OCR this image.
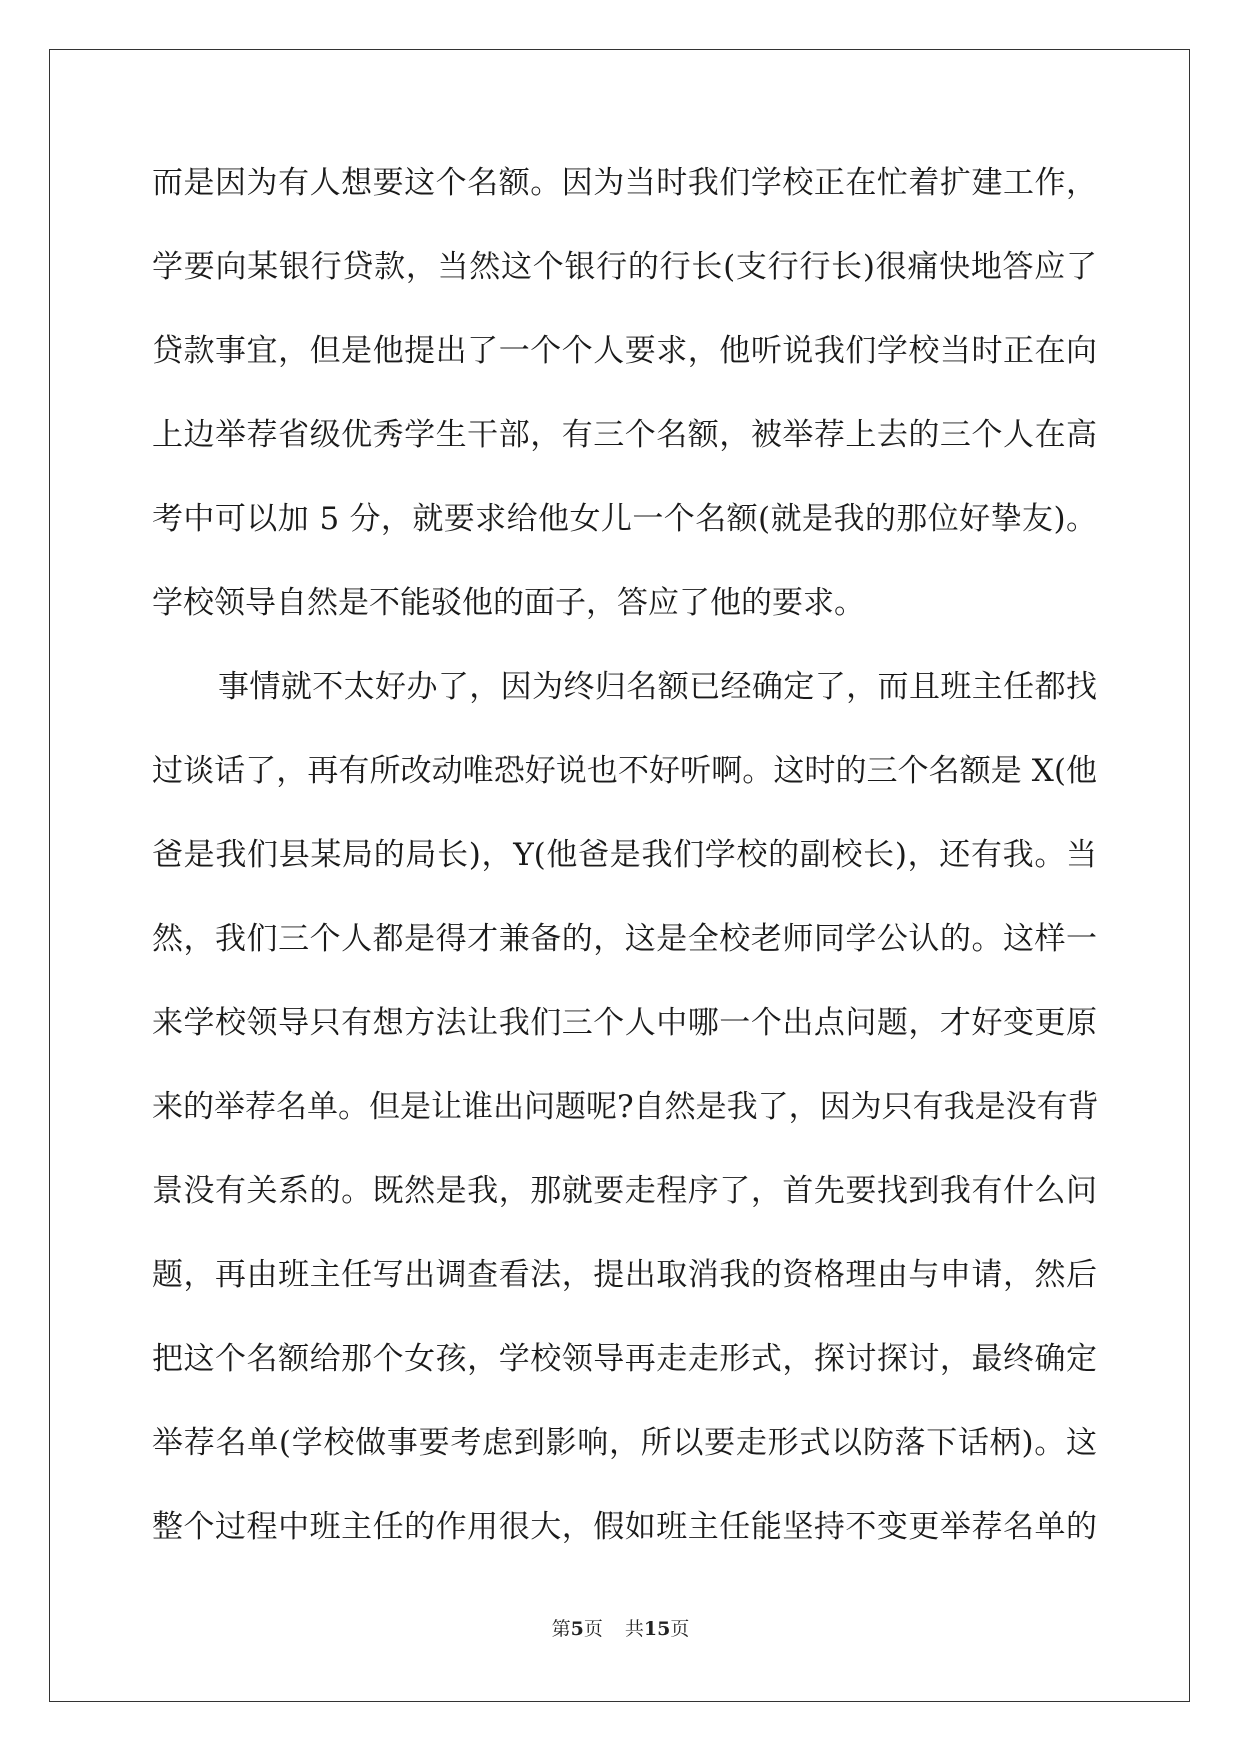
而是因为有人想要这个名额。因为当时我们学校正在忙着扩建工作，
学要向某银行贷款，当然这个银行的行长(支行行长)很痛快地答应了
贷款事宜，但是他提出了一个个人要求，他听说我们学校当时正在向
上边举荐省级优秀学生干部，有三个名额，被举荐上去的三个人在高
考中可以加 5 分，就要求给他女儿一个名额(就是我的那位好挚友)。
学校领导自然是不能驳他的面子，答应了他的要求。
事情就不太好办了，因为终归名额已经确定了，而且班主任都找
过谈话了，再有所改动唯恐好说也不好听啊。这时的三个名额是 X(他
爸是我们县某局的局长)，Y(他爸是我们学校的副校长)，还有我。当
然，我们三个人都是得才兼备的，这是全校老师同学公认的。这样一
来学校领导只有想方法让我们三个人中哪一个出点问题，才好变更原
来的举荐名单。但是让谁出问题呢?自然是我了，因为只有我是没有背
景没有关系的。既然是我，那就要走程序了，首先要找到我有什么问
题，再由班主任写出调查看法，提出取消我的资格理由与申请，然后
把这个名额给那个女孩，学校领导再走走形式，探讨探讨，最终确定
举荐名单(学校做事要考虑到影响，所以要走形式以防落下话柄)。这
整个过程中班主任的作用很大，假如班主任能坚持不变更举荐名单的
第5页 共15页
